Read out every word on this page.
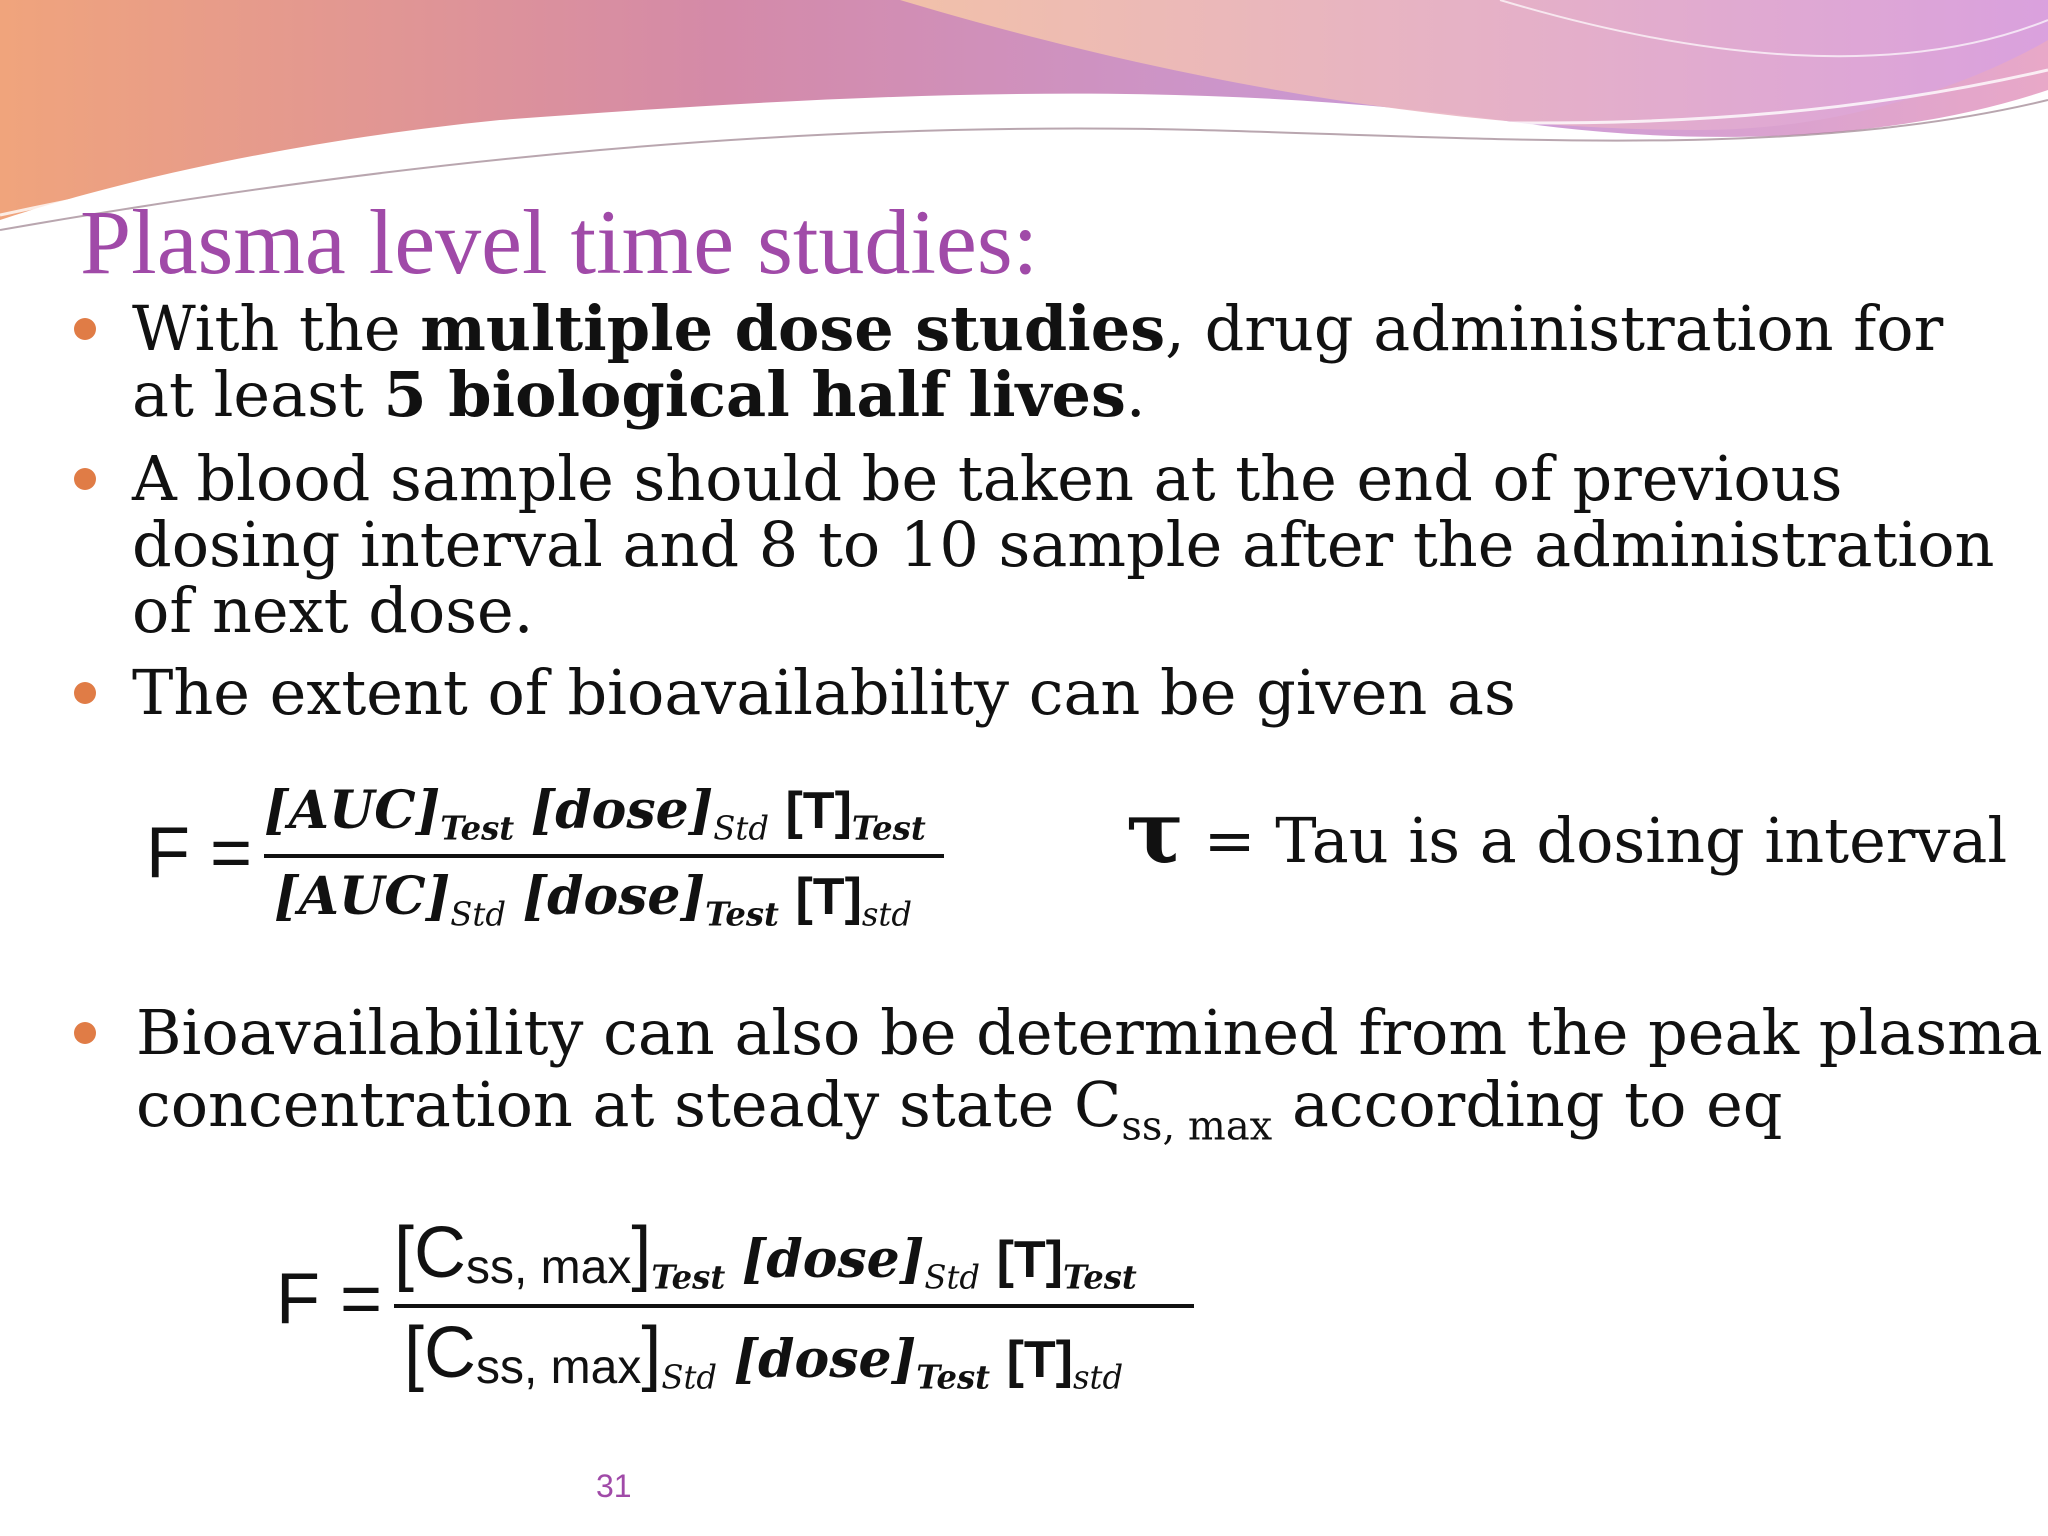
Plasma level time studies:
With the multiple dose studies, drug administration for
at least 5 biological half lives.
A blood sample should be taken at the end of previous
dosing interval and 8 to 10 sample after the administration
of next dose.
The extent of bioavailability can be given as
F =
$[AUC]_{Test}$ $[dose]_{Std}$ $[T]_{Test}$
$[AUC]_{Std}$ $[dose]_{Test}$ $[T]_{std}$
τ = Tau is a dosing interval
Bioavailability can also be determined from the peak plasma
concentration at steady state $C_{ss, max}$ according to eq
F =
$[C_{ss, max}]_{Test}$ $[dose]_{Std}$ $[T]_{Test}$
$[C_{ss, max}]_{Std}$ $[dose]_{Test}$ $[T]_{std}$
31
